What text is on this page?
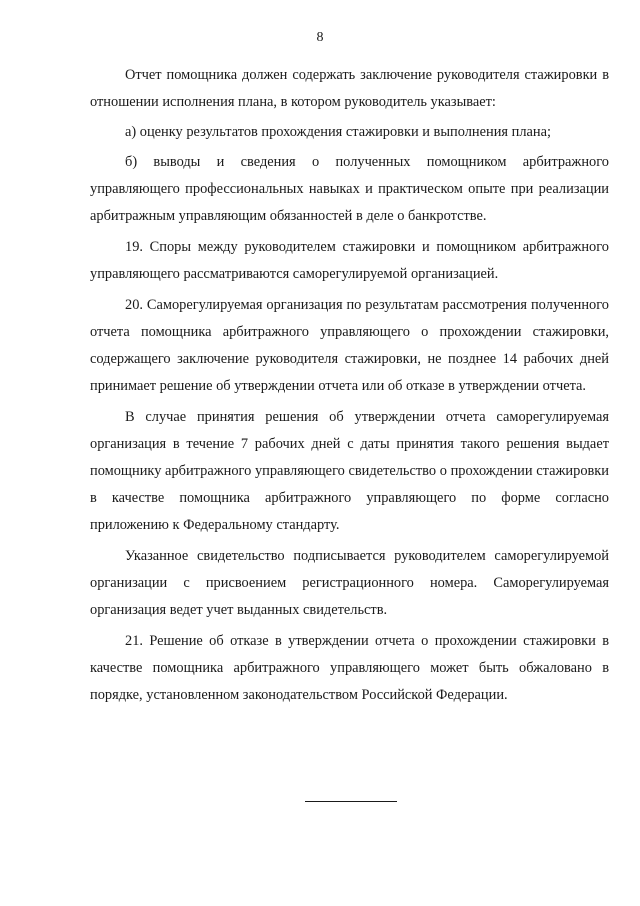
8

Отчет помощника должен содержать заключение руководителя стажировки в отношении исполнения плана, в котором руководитель указывает:

а) оценку результатов прохождения стажировки и выполнения плана;

б) выводы и сведения о полученных помощником арбитражного управляющего профессиональных навыках и практическом опыте при реализации арбитражным управляющим обязанностей в деле о банкротстве.

19. Споры между руководителем стажировки и помощником арбитражного управляющего рассматриваются саморегулируемой организацией.

20. Саморегулируемая организация по результатам рассмотрения полученного отчета помощника арбитражного управляющего о прохождении стажировки, содержащего заключение руководителя стажировки, не позднее 14 рабочих дней принимает решение об утверждении отчета или об отказе в утверждении отчета.

В случае принятия решения об утверждении отчета саморегулируемая организация в течение 7 рабочих дней с даты принятия такого решения выдает помощнику арбитражного управляющего свидетельство о прохождении стажировки в качестве помощника арбитражного управляющего по форме согласно приложению к Федеральному стандарту.

Указанное свидетельство подписывается руководителем саморегулируемой организации с присвоением регистрационного номера. Саморегулируемая организация ведет учет выданных свидетельств.

21. Решение об отказе в утверждении отчета о прохождении стажировки в качестве помощника арбитражного управляющего может быть обжаловано в порядке, установленном законодательством Российской Федерации.
